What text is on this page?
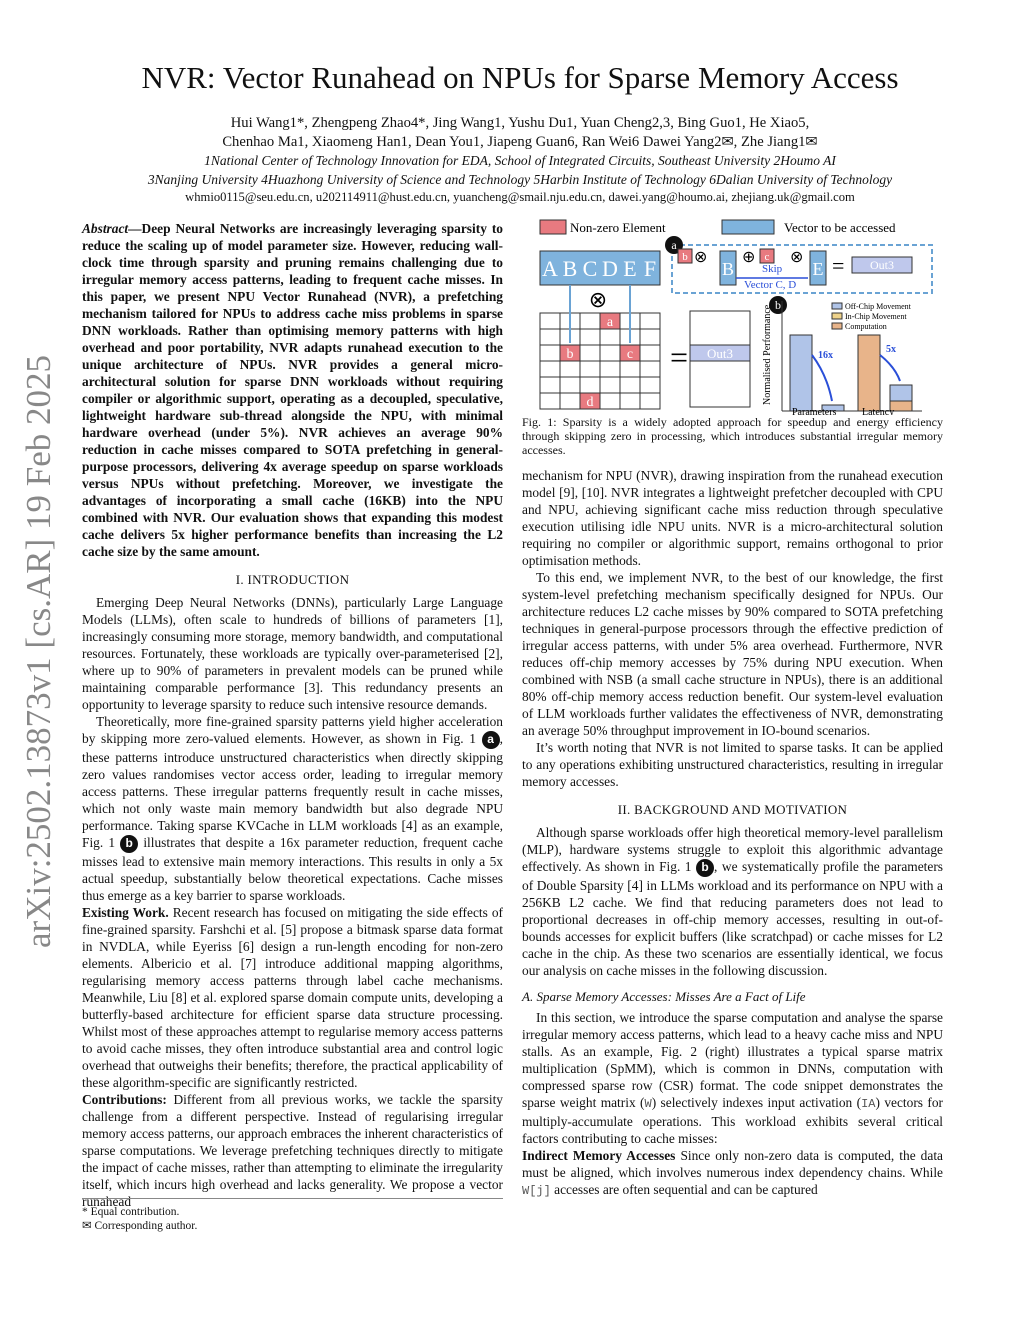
arXiv:2502.13873v1 [cs.AR] 19 Feb 2025
NVR: Vector Runahead on NPUs for Sparse Memory Access
Hui Wang1*, Zhengpeng Zhao4*, Jing Wang1, Yushu Du1, Yuan Cheng2,3, Bing Guo1, He Xiao5,
Chenhao Ma1, Xiaomeng Han1, Dean You1, Jiapeng Guan6, Ran Wei6 Dawei Yang2✉, Zhe Jiang1✉
1National Center of Technology Innovation for EDA, School of Integrated Circuits, Southeast University 2Houmo AI
3Nanjing University 4Huazhong University of Science and Technology 5Harbin Institute of Technology 6Dalian University of Technology
whmio0115@seu.edu.cn, u202114911@hust.edu.cn, yuancheng@smail.nju.edu.cn, dawei.yang@houmo.ai, zhejiang.uk@gmail.com

Abstract—Deep Neural Networks are increasingly leveraging sparsity to reduce the scaling up of model parameter size. However, reducing wall-clock time through sparsity and pruning remains challenging due to irregular memory access patterns, leading to frequent cache misses. In this paper, we present NPU Vector Runahead (NVR), a prefetching mechanism tailored for NPUs to address cache miss problems in sparse DNN workloads. Rather than optimising memory patterns with high overhead and poor portability, NVR adapts runahead execution to the unique architecture of NPUs. NVR provides a general micro-architectural solution for sparse DNN workloads without requiring compiler or algorithmic support, operating as a decoupled, speculative, lightweight hardware sub-thread alongside the NPU, with minimal hardware overhead (under 5%). NVR achieves an average 90% reduction in cache misses compared to SOTA prefetching in general-purpose processors, delivering 4x average speedup on sparse workloads versus NPUs without prefetching. Moreover, we investigate the advantages of incorporating a small cache (16KB) into the NPU combined with NVR. Our evaluation shows that expanding this modest cache delivers 5x higher performance benefits than increasing the L2 cache size by the same amount.

I. INTRODUCTION

Emerging Deep Neural Networks (DNNs), particularly Large Language Models (LLMs), often scale to hundreds of billions of parameters [1], increasingly consuming more storage, memory bandwidth, and computational resources. Fortunately, these workloads are typically over-parameterised [2], where up to 90% of parameters in prevalent models can be pruned while maintaining comparable performance [3]. This redundancy presents an opportunity to leverage sparsity to reduce such intensive resource demands.

Theoretically, more fine-grained sparsity patterns yield higher acceleration by skipping more zero-valued elements. However, as shown in Fig. 1 a , these patterns introduce unstructured characteristics when directly skipping zero values randomises vector access order, leading to irregular memory access patterns. These irregular patterns frequently result in cache misses, which not only waste main memory bandwidth but also degrade NPU performance. Taking sparse KVCache in LLM workloads [4] as an example, Fig. 1 b illustrates that despite a 16x parameter reduction, frequent cache misses lead to extensive main memory interactions. This results in only a 5x actual speedup, substantially below theoretical expectations. Cache misses thus emerge as a key barrier to sparse workloads.

Existing Work. Recent research has focused on mitigating the side effects of fine-grained sparsity. Farshchi et al. [5] propose a bitmask sparse data format in NVDLA, while Eyeriss [6] design a run-length encoding for non-zero elements. Albericio et al. [7] introduce additional mapping algorithms, regularising memory access patterns through label cache mechanisms. Meanwhile, Liu [8] et al. explored sparse domain compute units, developing a butterfly-based architecture for efficient sparse data structure processing. Whilst most of these approaches attempt to regularise memory access patterns to avoid cache misses, they often introduce substantial area and control logic overhead that outweighs their benefits; therefore, the practical applicability of these algorithm-specific are significantly restricted.

Contributions: Different from all previous works, we tackle the sparsity challenge from a different perspective. Instead of regularising irregular memory access patterns, our approach embraces the inherent characteristics of sparse computations. We leverage prefetching techniques directly to mitigate the impact of cache misses, rather than attempting to eliminate the irregularity itself, which incurs high overhead and lacks generality. We propose a vector runahead

* Equal contribution.
✉ Corresponding author.
Non-zero Element	Vector to be accessed
A B C D E F
⊗
a
b	c
d
= Out3
a
b ⊗
B
⊕ c ⊗
E
Skip
Vector C, D
= Out3
b
Normalised Performance	Off-Chip Movement
In-Chip Movement
Computation
16x
5x
Parameters	Latency
Fig. 1: Sparsity is a widely adopted approach for speedup and energy efficiency through skipping zero in processing, which introduces substantial irregular memory accesses.

mechanism for NPU (NVR), drawing inspiration from the runahead execution model [9], [10]. NVR integrates a lightweight prefetcher decoupled with CPU and NPU, achieving significant cache miss reduction through speculative execution utilising idle NPU units. NVR is a micro-architectural solution requiring no compiler or algorithmic support, remains orthogonal to prior optimisation methods.

To this end, we implement NVR, to the best of our knowledge, the first system-level prefetching mechanism specifically designed for NPUs. Our architecture reduces L2 cache misses by 90% compared to SOTA prefetching techniques in general-purpose processors through the effective prediction of irregular access patterns, with under 5% area overhead. Furthermore, NVR reduces off-chip memory accesses by 75% during NPU execution. When combined with NSB (a small cache structure in NPUs), there is an additional 80% off-chip memory access reduction benefit. Our system-level evaluation of LLM workloads further validates the effectiveness of NVR, demonstrating an average 50% throughput improvement in IO-bound scenarios.

It’s worth noting that NVR is not limited to sparse tasks. It can be applied to any operations exhibiting unstructured characteristics, resulting in irregular memory accesses.

II. BACKGROUND AND MOTIVATION

Although sparse workloads offer high theoretical memory-level parallelism (MLP), hardware systems struggle to exploit this algorithmic advantage effectively. As shown in Fig. 1 b , we systematically profile the parameters of Double Sparsity [4] in LLMs workload and its performance on NPU with a 256KB L2 cache. We find that reducing parameters does not lead to proportional decreases in off-chip memory accesses, resulting in out-of-bounds accesses for explicit buffers (like scratchpad) or cache misses for L2 cache in the chip. As these two scenarios are essentially identical, we focus our analysis on cache misses in the following discussion.

A. Sparse Memory Accesses: Misses Are a Fact of Life

In this section, we introduce the sparse computation and analyse the sparse irregular memory access patterns, which lead to a heavy cache miss and NPU stalls. As an example, Fig. 2 (right) illustrates a typical sparse matrix multiplication (SpMM), which is common in DNNs, computation with compressed sparse row (CSR) format. The code snippet demonstrates the sparse weight matrix (W) selectively indexes input activation (IA) vectors for multiply-accumulate operations. This workload exhibits several critical factors contributing to cache misses:

Indirect Memory Accesses Since only non-zero data is computed, the data must be aligned, which involves numerous index dependency chains. While W[j] accesses are often sequential and can be captured
